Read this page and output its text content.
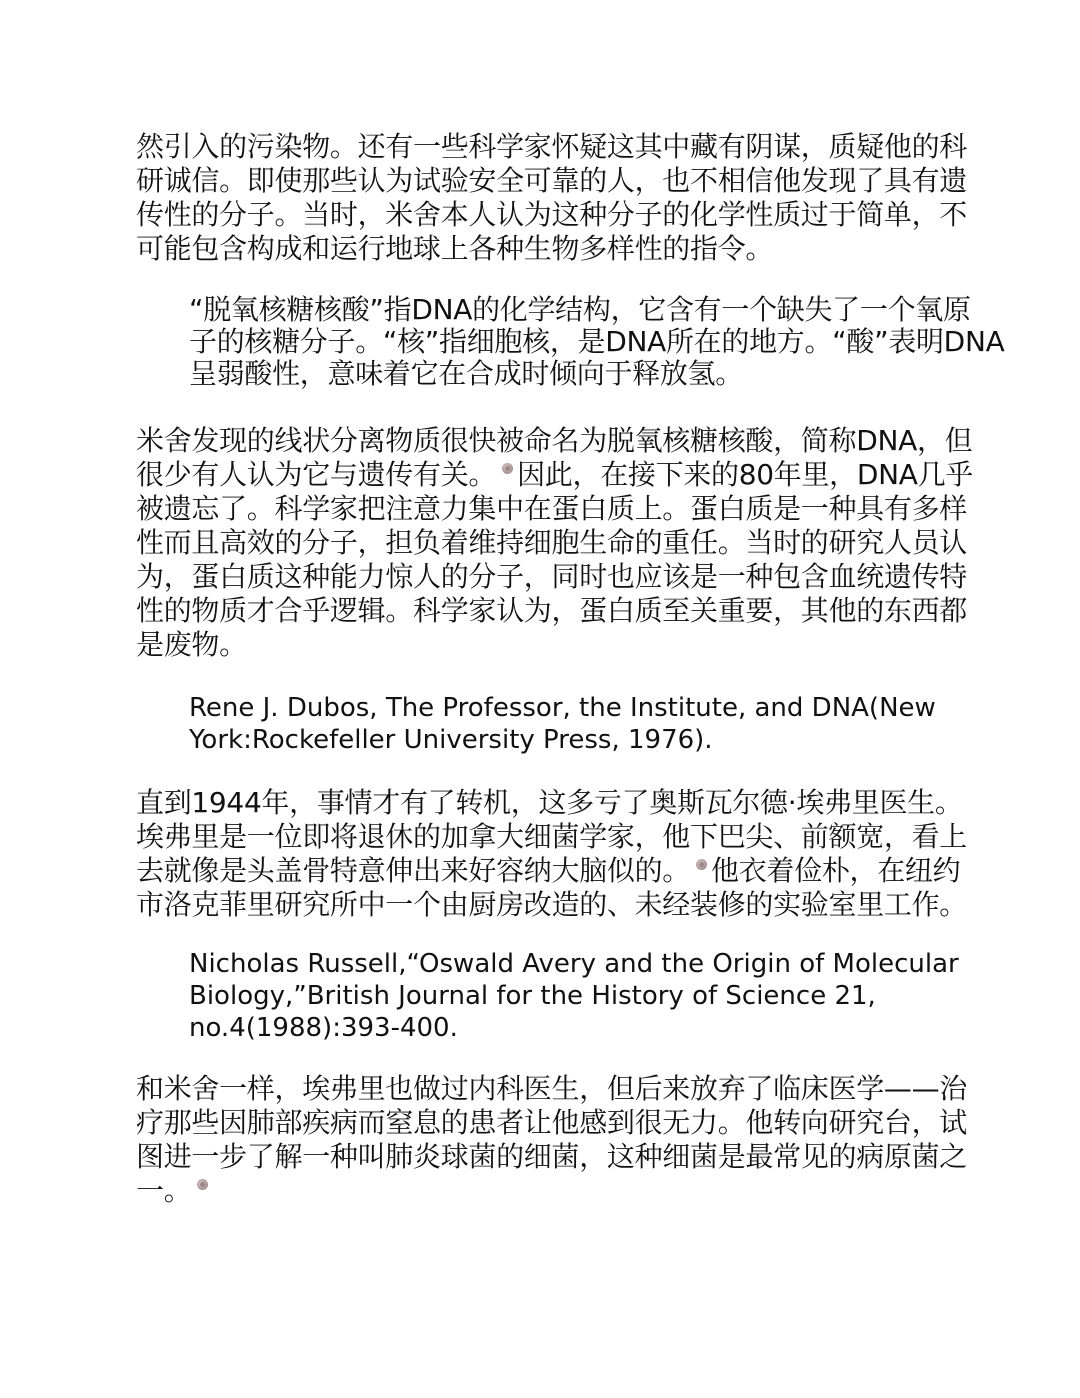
然引入的污染物。还有一些科学家怀疑这其中藏有阴谋，质疑他的科
研诚信。即使那些认为试验安全可靠的人，也不相信他发现了具有遗
传性的分子。当时，米舍本人认为这种分子的化学性质过于简单，不
可能包含构成和运行地球上各种生物多样性的指令。

“脱氧核糖核酸”指DNA的化学结构，它含有一个缺失了一个氧原
子的核糖分子。“核”指细胞核，是DNA所在的地方。“酸”表明DNA
呈弱酸性，意味着它在合成时倾向于释放氢。

米舍发现的线状分离物质很快被命名为脱氧核糖核酸，简称DNA，但
很少有人认为它与遗传有关。 因此，在接下来的80年里，DNA几乎
被遗忘了。科学家把注意力集中在蛋白质上。蛋白质是一种具有多样
性而且高效的分子，担负着维持细胞生命的重任。当时的研究人员认
为，蛋白质这种能力惊人的分子，同时也应该是一种包含血统遗传特
性的物质才合乎逻辑。科学家认为，蛋白质至关重要，其他的东西都
是废物。

Rene J. Dubos, The Professor, the Institute, and DNA(New
York:Rockefeller University Press, 1976).

直到1944年，事情才有了转机，这多亏了奥斯瓦尔德·埃弗里医生。
埃弗里是一位即将退休的加拿大细菌学家，他下巴尖、前额宽，看上
去就像是头盖骨特意伸出来好容纳大脑似的。 他衣着俭朴，在纽约
市洛克菲里研究所中一个由厨房改造的、未经装修的实验室里工作。

Nicholas Russell,“Oswald Avery and the Origin of Molecular
Biology,”British Journal for the History of Science 21,
no.4(1988):393-400.

和米舍一样，埃弗里也做过内科医生，但后来放弃了临床医学——治
疗那些因肺部疾病而窒息的患者让他感到很无力。他转向研究台，试
图进一步了解一种叫肺炎球菌的细菌，这种细菌是最常见的病原菌之
一。
